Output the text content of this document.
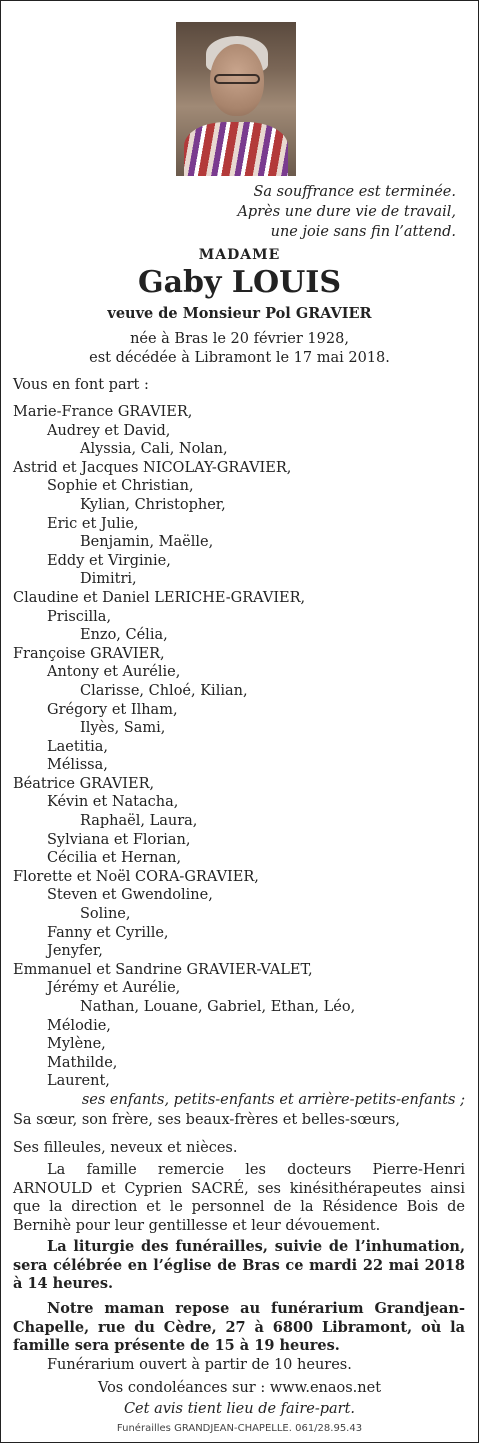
Sa souffrance est terminée.
Après une dure vie de travail,
une joie sans fin l’attend.
MADAME
Gaby LOUIS
veuve de Monsieur Pol GRAVIER
née à Bras le 20 février 1928,
est décédée à Libramont le 17 mai 2018.
Vous en font part :
Marie-France GRAVIER,
Audrey et David,
Alyssia, Cali, Nolan,
Astrid et Jacques NICOLAY-GRAVIER,
Sophie et Christian,
Kylian, Christopher,
Eric et Julie,
Benjamin, Maëlle,
Eddy et Virginie,
Dimitri,
Claudine et Daniel LERICHE-GRAVIER,
Priscilla,
Enzo, Célia,
Françoise GRAVIER,
Antony et Aurélie,
Clarisse, Chloé, Kilian,
Grégory et Ilham,
Ilyès, Sami,
Laetitia,
Mélissa,
Béatrice GRAVIER,
Kévin et Natacha,
Raphaël, Laura,
Sylviana et Florian,
Cécilia et Hernan,
Florette et Noël CORA-GRAVIER,
Steven et Gwendoline,
Soline,
Fanny et Cyrille,
Jenyfer,
Emmanuel et Sandrine GRAVIER-VALET,
Jérémy et Aurélie,
Nathan, Louane, Gabriel, Ethan, Léo,
Mélodie,
Mylène,
Mathilde,
Laurent,
ses enfants, petits-enfants et arrière-petits-enfants ;
Sa sœur, son frère, ses beaux-frères et belles-sœurs,
Ses filleules, neveux et nièces.
La famille remercie les docteurs Pierre-Henri ARNOULD et Cyprien SACRÉ, ses kinésithérapeutes ainsi que la direction et le personnel de la Résidence Bois de Bernihè pour leur gentillesse et leur dévouement.
La liturgie des funérailles, suivie de l’inhumation, sera célébrée en l’église de Bras ce mardi 22 mai 2018 à 14 heures.
Notre maman repose au funérarium Grandjean-Chapelle, rue du Cèdre, 27 à 6800 Libramont, où la famille sera présente de 15 à 19 heures.
Funérarium ouvert à partir de 10 heures.
Vos condoléances sur : www.enaos.net
Cet avis tient lieu de faire-part.
Funérailles GRANDJEAN-CHAPELLE. 061/28.95.43
